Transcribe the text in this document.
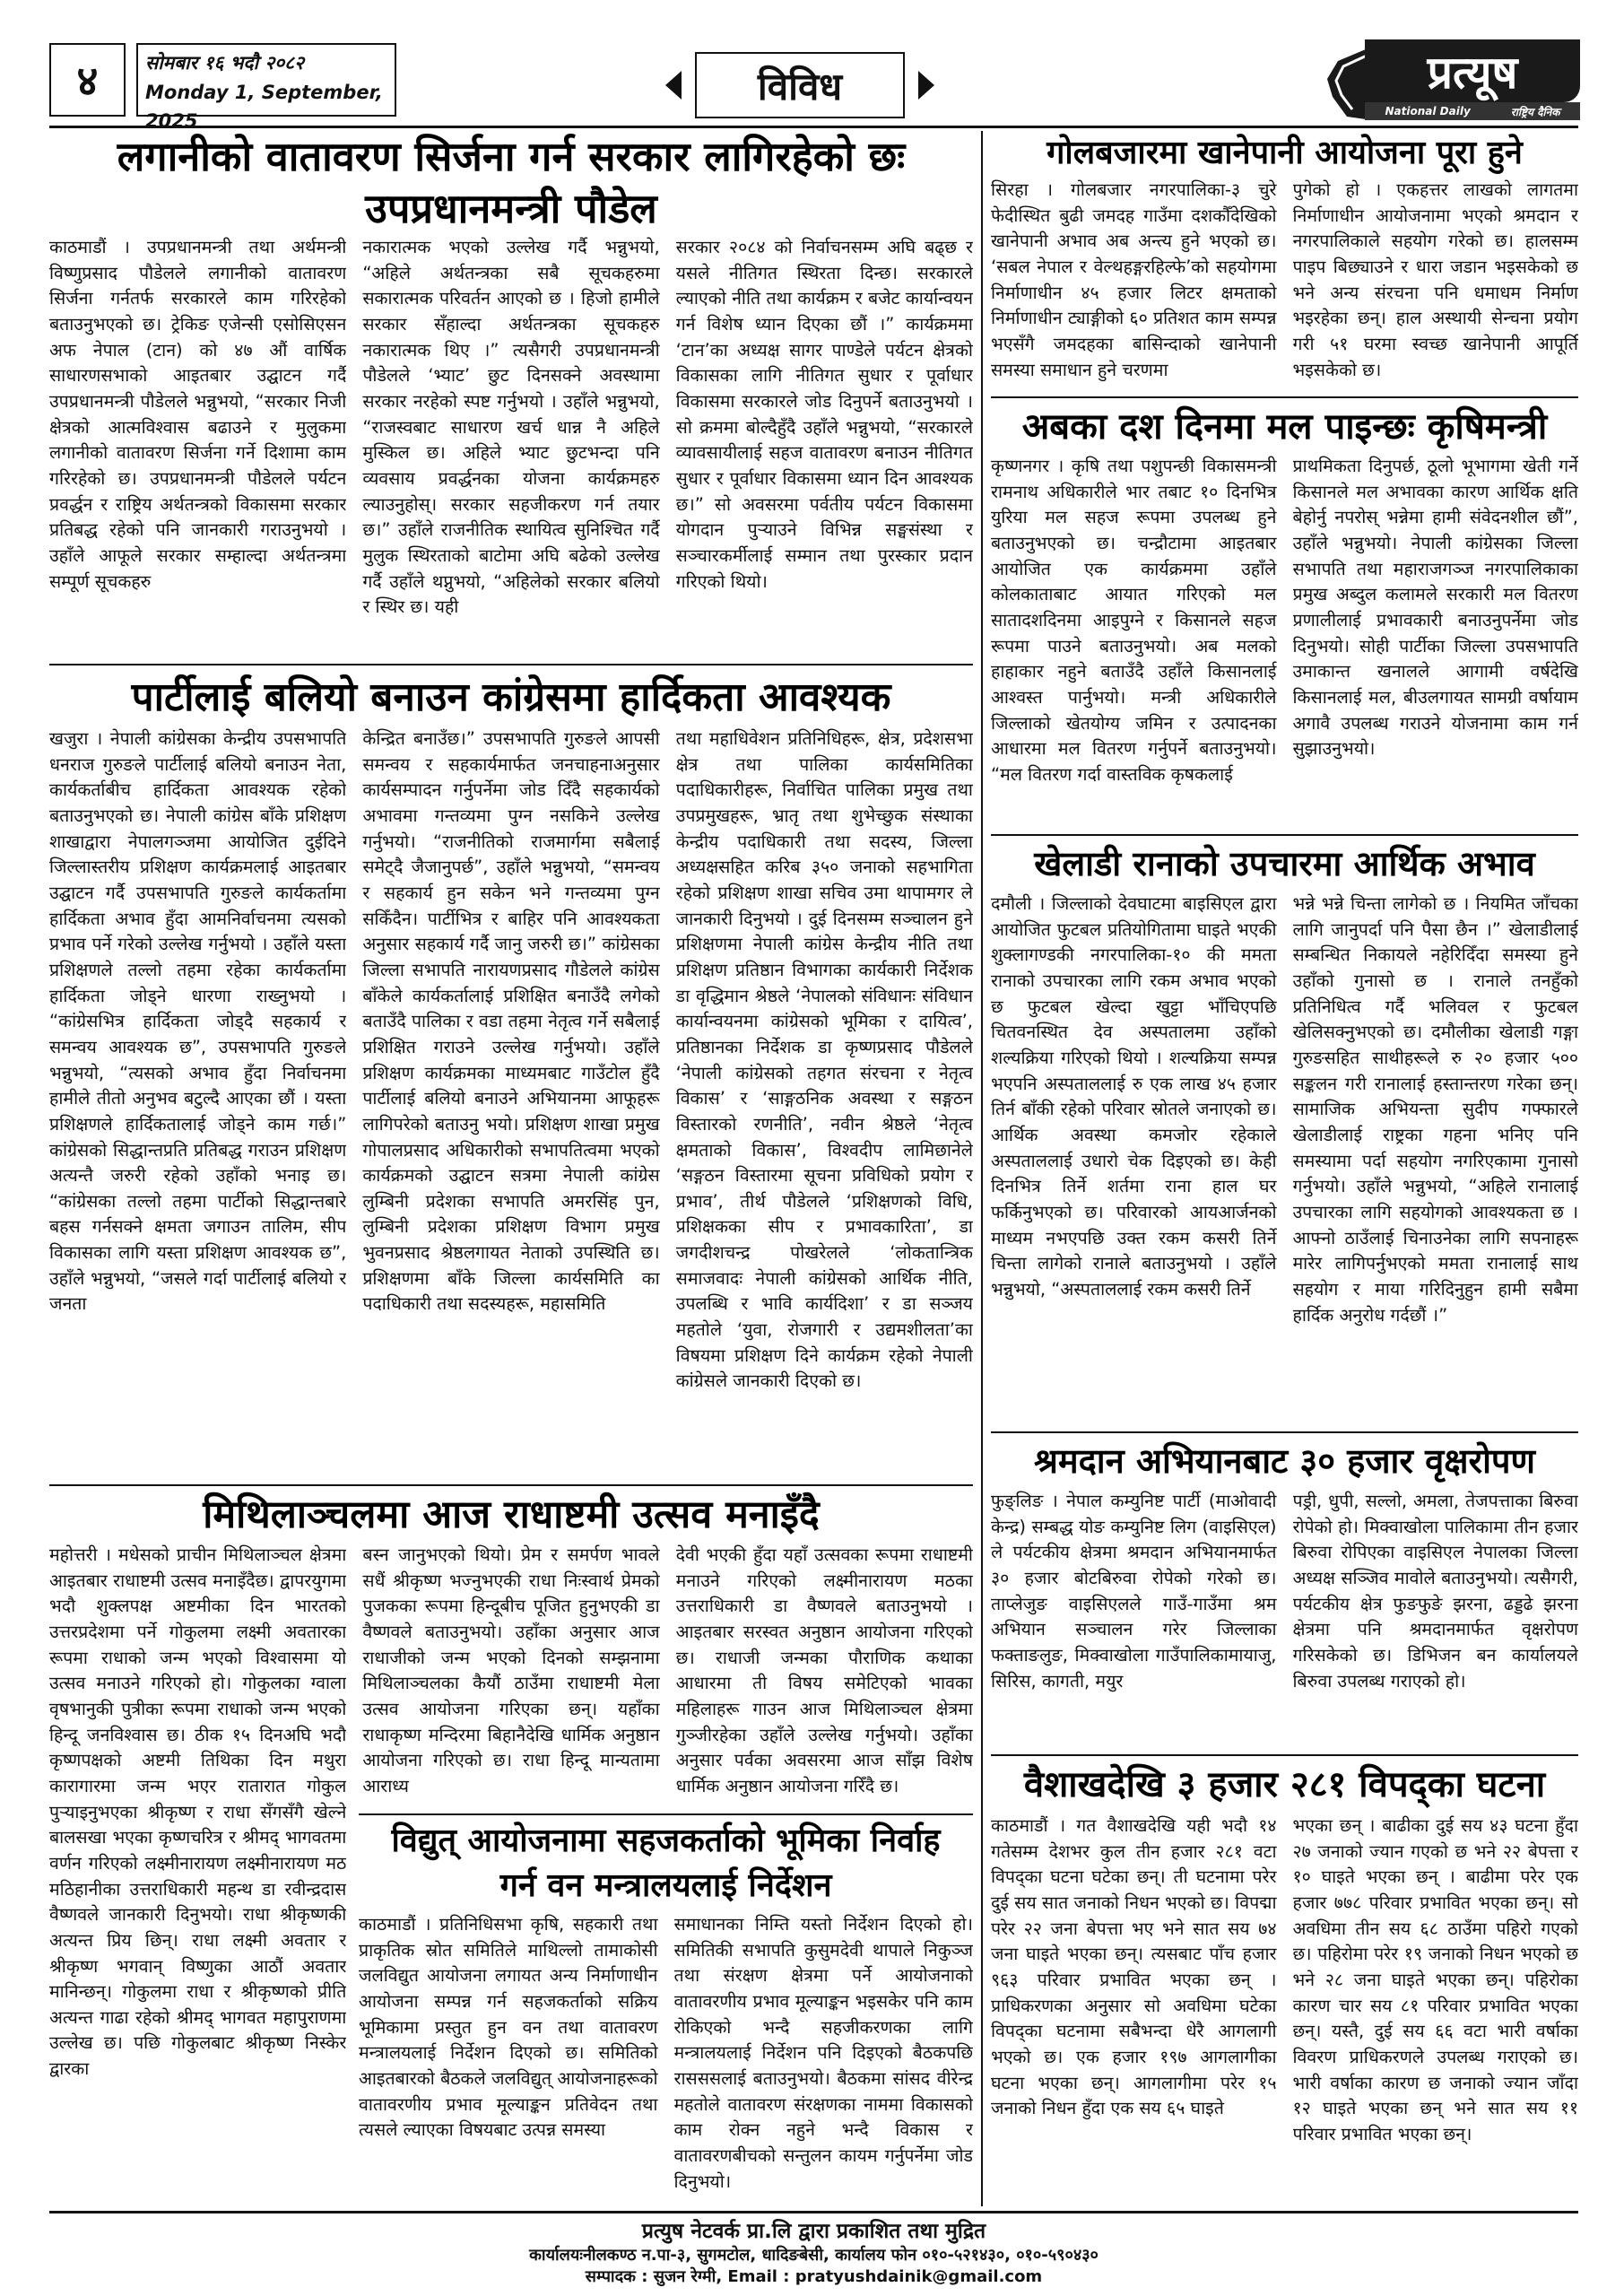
४	सोमबार १६ भदौ २०८२
Monday 1, September, 2025
विविध	प्रत्यूष
National Daily	राष्ट्रिय दैनिक
लगानीको वातावरण सिर्जना गर्न सरकार लागिरहेको छः
उपप्रधानमन्त्री पौडेल
काठमाडौं । उपप्रधानमन्त्री तथा अर्थमन्त्री विष्णुप्रसाद पौडेलले लगानीको वातावरण सिर्जना गर्नतर्फ सरकारले काम गरिरहेको बताउनुभएको छ। ट्रेकिङ एजेन्सी एसोसिएसन अफ नेपाल (टान) को ४७ औं वार्षिक साधारणसभाको आइतबार उद्घाटन गर्दै उपप्रधानमन्त्री पौडेलले भन्नुभयो, “सरकार निजी क्षेत्रको आत्मविश्वास बढाउने र मुलुकमा लगानीको वातावरण सिर्जना गर्ने दिशामा काम गरिरहेको छ। उपप्रधानमन्त्री पौडेलले पर्यटन प्रवर्द्धन र राष्ट्रिय अर्थतन्त्रको विकासमा सरकार प्रतिबद्ध रहेको पनि जानकारी गराउनुभयो । उहाँले आफूले सरकार सम्हाल्दा अर्थतन्त्रमा सम्पूर्ण सूचकहरु
नकारात्मक भएको उल्लेख गर्दै भन्नुभयो, “अहिले अर्थतन्त्रका सबै सूचकहरुमा सकारात्मक परिवर्तन आएको छ । हिजो हामीले सरकार सँहाल्दा अर्थतन्त्रका सूचकहरु नकारात्मक थिए ।” त्यसैगरी उपप्रधानमन्त्री पौडेलले ‘भ्याट’ छुट दिनसक्ने अवस्थामा सरकार नरहेको स्पष्ट गर्नुभयो । उहाँले भन्नुभयो, “राजस्वबाट साधारण खर्च धान्न नै अहिले मुस्किल छ। अहिले भ्याट छुटभन्दा पनि व्यवसाय प्रवर्द्धनका योजना कार्यक्रमहरु ल्याउनुहोस्। सरकार सहजीकरण गर्न तयार छ।” उहाँले राजनीतिक स्थायित्व सुनिश्चित गर्दै मुलुक स्थिरताको बाटोमा अघि बढेको उल्लेख गर्दै उहाँले थप्नुभयो, “अहिलेको सरकार बलियो र स्थिर छ। यही
सरकार २०८४ को निर्वाचनसम्म अघि बढ्छ र यसले नीतिगत स्थिरता दिन्छ। सरकारले ल्याएको नीति तथा कार्यक्रम र बजेट कार्यान्वयन गर्न विशेष ध्यान दिएका छौं ।” कार्यक्रममा ‘टान’का अध्यक्ष सागर पाण्डेले पर्यटन क्षेत्रको विकासका लागि नीतिगत सुधार र पूर्वाधार विकासमा सरकारले जोड दिनुपर्ने बताउनुभयो । सो क्रममा बोल्दैहुँदै उहाँले भन्नुभयो, “सरकारले व्यावसायीलाई सहज वातावरण बनाउन नीतिगत सुधार र पूर्वाधार विकासमा ध्यान दिन आवश्यक छ।” सो अवसरमा पर्वतीय पर्यटन विकासमा योगदान पुऱ्याउने विभिन्न सङ्घसंस्था र सञ्चारकर्मीलाई सम्मान तथा पुरस्कार प्रदान गरिएको थियो।
पार्टीलाई बलियो बनाउन कांग्रेसमा हार्दिकता आवश्यक
खजुरा । नेपाली कांग्रेसका केन्द्रीय उपसभापति धनराज गुरुङले पार्टीलाई बलियो बनाउन नेता, कार्यकर्ताबीच हार्दिकता आवश्यक रहेको बताउनुभएको छ। नेपाली कांग्रेस बाँके प्रशिक्षण शाखाद्वारा नेपालगञ्जमा आयोजित दुईदिने जिल्लास्तरीय प्रशिक्षण कार्यक्रमलाई आइतबार उद्घाटन गर्दै उपसभापति गुरुङले कार्यकर्तामा हार्दिकता अभाव हुँदा आमनिर्वाचनमा त्यसको प्रभाव पर्ने गरेको उल्लेख गर्नुभयो । उहाँले यस्ता प्रशिक्षणले तल्लो तहमा रहेका कार्यकर्तामा हार्दिकता जोड्ने धारणा राख्नुभयो । “कांग्रेसभित्र हार्दिकता जोड्दै सहकार्य र समन्वय आवश्यक छ”, उपसभापति गुरुङले भन्नुभयो, “त्यसको अभाव हुँदा निर्वाचनमा हामीले तीतो अनुभव बटुल्दै आएका छौं । यस्ता प्रशिक्षणले हार्दिकतालाई जोड्ने काम गर्छ।” कांग्रेसको सिद्धान्तप्रति प्रतिबद्ध गराउन प्रशिक्षण अत्यन्तै जरुरी रहेको उहाँको भनाइ छ। “कांग्रेसका तल्लो तहमा पार्टीको सिद्धान्तबारे बहस गर्नसक्ने क्षमता जगाउन तालिम, सीप विकासका लागि यस्ता प्रशिक्षण आवश्यक छ”, उहाँले भन्नुभयो, “जसले गर्दा पार्टीलाई बलियो र जनता
केन्द्रित बनाउँछ।” उपसभापति गुरुङले आपसी समन्वय र सहकार्यमार्फत जनचाहनाअनुसार कार्यसम्पादन गर्नुपर्नेमा जोड दिँदै सहकार्यको अभावमा गन्तव्यमा पुग्न नसकिने उल्लेख गर्नुभयो। “राजनीतिको राजमार्गमा सबैलाई समेट्दै जैजानुपर्छ”, उहाँले भन्नुभयो, “समन्वय र सहकार्य हुन सकेन भने गन्तव्यमा पुग्न सकिँदैन। पार्टीभित्र र बाहिर पनि आवश्यकता अनुसार सहकार्य गर्दै जानु जरुरी छ।” कांग्रेसका जिल्ला सभापति नारायणप्रसाद गौडेलले कांग्रेस बाँकेले कार्यकर्तालाई प्रशिक्षित बनाउँदै लगेको बताउँदै पालिका र वडा तहमा नेतृत्व गर्ने सबैलाई प्रशिक्षित गराउने उल्लेख गर्नुभयो। उहाँले प्रशिक्षण कार्यक्रमका माध्यमबाट गाउँटोल हुँदै पार्टीलाई बलियो बनाउने अभियानमा आफूहरू लागिपरेको बताउनु भयो। प्रशिक्षण शाखा प्रमुख गोपालप्रसाद अधिकारीको सभापतित्वमा भएको कार्यक्रमको उद्घाटन सत्रमा नेपाली कांग्रेस लुम्बिनी प्रदेशका सभापति अमरसिंह पुन, लुम्बिनी प्रदेशका प्रशिक्षण विभाग प्रमुख भुवनप्रसाद श्रेष्ठलगायत नेताको उपस्थिति छ। प्रशिक्षणमा बाँके जिल्ला कार्यसमिति का पदाधिकारी तथा सदस्यहरू, महासमिति
तथा महाधिवेशन प्रतिनिधिहरू, क्षेत्र, प्रदेशसभा क्षेत्र तथा पालिका कार्यसमितिका पदाधिकारीहरू, निर्वाचित पालिका प्रमुख तथा उपप्रमुखहरू, भ्रातृ तथा शुभेच्छुक संस्थाका केन्द्रीय पदाधिकारी तथा सदस्य, जिल्ला अध्यक्षसहित करिब ३५० जनाको सहभागिता रहेको प्रशिक्षण शाखा सचिव उमा थापामगर ले जानकारी दिनुभयो । दुई दिनसम्म सञ्चालन हुने प्रशिक्षणमा नेपाली कांग्रेस केन्द्रीय नीति तथा प्रशिक्षण प्रतिष्ठान विभागका कार्यकारी निर्देशक डा वृद्धिमान श्रेष्ठले ‘नेपालको संविधानः संविधान कार्यान्वयनमा कांग्रेसको भूमिका र दायित्व’, प्रतिष्ठानका निर्देशक डा कृष्णप्रसाद पौडेलले ‘नेपाली कांग्रेसको तहगत संरचना र नेतृत्व विकास’ र ‘साङ्गठनिक अवस्था र सङ्गठन विस्तारको रणनीति’, नवीन श्रेष्ठले ‘नेतृत्व क्षमताको विकास’, विश्वदीप लामिछानेले ‘सङ्गठन विस्तारमा सूचना प्रविधिको प्रयोग र प्रभाव’, तीर्थ पौडेलले ‘प्रशिक्षणको विधि, प्रशिक्षकका सीप र प्रभावकारिता’, डा जगदीशचन्द्र पोखरेलले ‘लोकतान्त्रिक समाजवादः नेपाली कांग्रेसको आर्थिक नीति, उपलब्धि र भावि कार्यदिशा’ र डा सञ्जय महतोले ‘युवा, रोजगारी र उद्यमशीलता’का विषयमा प्रशिक्षण दिने कार्यक्रम रहेको नेपाली कांग्रेसले जानकारी दिएको छ।
मिथिलाञ्चलमा आज राधाष्टमी उत्सव मनाइँदै
महोत्तरी । मधेसको प्राचीन मिथिलाञ्चल क्षेत्रमा आइतबार राधाष्टमी उत्सव मनाइँदैछ। द्वापरयुगमा भदौ शुक्लपक्ष अष्टमीका दिन भारतको उत्तरप्रदेशमा पर्ने गोकुलमा लक्ष्मी अवतारका रूपमा राधाको जन्म भएको विश्वासमा यो उत्सव मनाउने गरिएको हो। गोकुलका ग्वाला वृषभानुकी पुत्रीका रूपमा राधाको जन्म भएको हिन्दू जनविश्वास छ। ठीक १५ दिनअघि भदौ कृष्णपक्षको अष्टमी तिथिका दिन मथुरा कारागारमा जन्म भएर रातारात गोकुल पुऱ्याइनुभएका श्रीकृष्ण र राधा सँगसँगै खेल्ने बालसखा भएका कृष्णचरित्र र श्रीमद् भागवतमा वर्णन गरिएको लक्ष्मीनारायण लक्ष्मीनारायण मठ मठिहानीका उत्तराधिकारी महन्थ डा रवीन्द्रदास वैष्णवले जानकारी दिनुभयो। राधा श्रीकृष्णकी अत्यन्त प्रिय छिन्। राधा लक्ष्मी अवतार र श्रीकृष्ण भगवान् विष्णुका आठौं अवतार मानिन्छन्। गोकुलमा राधा र श्रीकृष्णको प्रीति अत्यन्त गाढा रहेको श्रीमद् भागवत महापुराणमा उल्लेख छ। पछि गोकुलबाट श्रीकृष्ण निस्केर द्वारका
बस्न जानुभएको थियो। प्रेम र समर्पण भावले सधैं श्रीकृष्ण भज्नुभएकी राधा निःस्वार्थ प्रेमको पुजकका रूपमा हिन्दूबीच पूजित हुनुभएकी डा वैष्णवले बताउनुभयो। उहाँका अनुसार आज राधाजीको जन्म भएको दिनको सम्झनामा मिथिलाञ्चलका कैयौं ठाउँमा राधाष्टमी मेला उत्सव आयोजना गरिएका छन्। यहाँका राधाकृष्ण मन्दिरमा बिहानैदेखि धार्मिक अनुष्ठान आयोजना गरिएको छ। राधा हिन्दू मान्यतामा आराध्य
देवी भएकी हुँदा यहाँ उत्सवका रूपमा राधाष्टमी मनाउने गरिएको लक्ष्मीनारायण मठका उत्तराधिकारी डा वैष्णवले बताउनुभयो । आइतबार सरस्वत अनुष्ठान आयोजना गरिएको छ। राधाजी जन्मका पौराणिक कथाका आधारमा ती विषय समेटिएको भावका महिलाहरू गाउन आज मिथिलाञ्चल क्षेत्रमा गुञ्जीरहेका उहाँले उल्लेख गर्नुभयो। उहाँका अनुसार पर्वका अवसरमा आज साँझ विशेष धार्मिक अनुष्ठान आयोजना गरिँदै छ।
विद्युत् आयोजनामा सहजकर्ताको भूमिका निर्वाह
गर्न वन मन्त्रालयलाई निर्देशन
काठमाडौं । प्रतिनिधिसभा कृषि, सहकारी तथा प्राकृतिक स्रोत समितिले माथिल्लो तामाकोसी जलविद्युत आयोजना लगायत अन्य निर्माणाधीन आयोजना सम्पन्न गर्न सहजकर्ताको सक्रिय भूमिकामा प्रस्तुत हुन वन तथा वातावरण मन्त्रालयलाई निर्देशन दिएको छ। समितिको आइतबारको बैठकले जलविद्युत् आयोजनाहरूको वातावरणीय प्रभाव मूल्याङ्कन प्रतिवेदन तथा त्यसले ल्याएका विषयबाट उत्पन्न समस्या
समाधानका निम्ति यस्तो निर्देशन दिएको हो। समितिकी सभापति कुसुमदेवी थापाले निकुञ्ज तथा संरक्षण क्षेत्रमा पर्ने आयोजनाको वातावरणीय प्रभाव मूल्याङ्कन भइसकेर पनि काम रोकिएको भन्दै सहजीकरणका लागि मन्त्रालयलाई निर्देशन पनि दिइएको बैठकपछि रासससलाई बताउनुभयो। बैठकमा सांसद वीरेन्द्र महतोले वातावरण संरक्षणका नाममा विकासको काम रोक्न नहुने भन्दै विकास र वातावरणबीचको सन्तुलन कायम गर्नुपर्नेमा जोड दिनुभयो।
गोलबजारमा खानेपानी आयोजना पूरा हुने
सिरहा । गोलबजार नगरपालिका-३ चुरे फेदीस्थित बुढी जमदह गाउँमा दशकौँदेखिको खानेपानी अभाव अब अन्त्य हुने भएको छ। ‘सबल नेपाल र वेल्थहङ्गरहिल्फे’को सहयोगमा निर्माणाधीन ४५ हजार लिटर क्षमताको निर्माणाधीन ट्याङ्गीको ६० प्रतिशत काम सम्पन्न भएसँगै जमदहका बासिन्दाको खानेपानी समस्या समाधान हुने चरणमा
पुगेको हो । एकहत्तर लाखको लागतमा निर्माणाधीन आयोजनामा भएको श्रमदान र नगरपालिकाले सहयोग गरेको छ। हालसम्म पाइप बिछ्याउने र धारा जडान भइसकेको छ भने अन्य संरचना पनि धमाधम निर्माण भइरहेका छन्। हाल अस्थायी सेन्चना प्रयोग गरी ५१ घरमा स्वच्छ खानेपानी आपूर्ति भइसकेको छ।
अबका दश दिनमा मल पाइन्छः कृषिमन्त्री
कृष्णनगर । कृषि तथा पशुपन्छी विकासमन्त्री रामनाथ अधिकारीले भार तबाट १० दिनभित्र युरिया मल सहज रूपमा उपलब्ध हुने बताउनुभएको छ। चन्द्रौटामा आइतबार आयोजित एक कार्यक्रममा उहाँले कोलकाताबाट आयात गरिएको मल सातादशदिनमा आइपुग्ने र किसानले सहज रूपमा पाउने बताउनुभयो। अब मलको हाहाकार नहुने बताउँदै उहाँले किसानलाई आश्वस्त पार्नुभयो। मन्त्री अधिकारीले जिल्लाको खेतयोग्य जमिन र उत्पादनका आधारमा मल वितरण गर्नुपर्ने बताउनुभयो। “मल वितरण गर्दा वास्तविक कृषकलाई
प्राथमिकता दिनुपर्छ, ठूलो भूभागमा खेती गर्ने किसानले मल अभावका कारण आर्थिक क्षति बेहोर्नु नपरोस् भन्नेमा हामी संवेदनशील छौं”, उहाँले भन्नुभयो। नेपाली कांग्रेसका जिल्ला सभापति तथा महाराजगञ्ज नगरपालिकाका प्रमुख अब्दुल कलामले सरकारी मल वितरण प्रणालीलाई प्रभावकारी बनाउनुपर्नेमा जोड दिनुभयो। सोही पार्टीका जिल्ला उपसभापति उमाकान्त खनालले आगामी वर्षदेखि किसानलाई मल, बीउलगायत सामग्री वर्षायाम अगावै उपलब्ध गराउने योजनामा काम गर्न सुझाउनुभयो।
खेलाडी रानाको उपचारमा आर्थिक अभाव
दमौली । जिल्लाको देवघाटमा बाइसिएल द्वारा आयोजित फुटबल प्रतियोगितामा घाइते भएकी शुक्लागण्डकी नगरपालिका-१० की ममता रानाको उपचारका लागि रकम अभाव भएको छ फुटबल खेल्दा खुट्टा भाँचिएपछि चितवनस्थित देव अस्पतालमा उहाँको शल्यक्रिया गरिएको थियो । शल्यक्रिया सम्पन्न भएपनि अस्पताललाई रु एक लाख ४५ हजार तिर्न बाँकी रहेको परिवार स्रोतले जनाएको छ। आर्थिक अवस्था कमजोर रहेकाले अस्पताललाई उधारो चेक दिइएको छ। केही दिनभित्र तिर्ने शर्तमा राना हाल घर फर्किनुभएको छ। परिवारको आयआर्जनको माध्यम नभएपछि उक्त रकम कसरी तिर्ने चिन्ता लागेको रानाले बताउनुभयो । उहाँले भन्नुभयो, “अस्पताललाई रकम कसरी तिर्ने
भन्ने भन्ने चिन्ता लागेको छ । नियमित जाँचका लागि जानुपर्दा पनि पैसा छैन ।” खेलाडीलाई सम्बन्धित निकायले नहेरिदिँदा समस्या हुने उहाँको गुनासो छ । रानाले तनहुँको प्रतिनिधित्व गर्दै भलिवल र फुटबल खेलिसक्नुभएको छ। दमौलीका खेलाडी गङ्गा गुरुङसहित साथीहरूले रु २० हजार ५०० सङ्कलन गरी रानालाई हस्तान्तरण गरेका छन्। सामाजिक अभियन्ता सुदीप गफ्फारले खेलाडीलाई राष्ट्रका गहना भनिए पनि समस्यामा पर्दा सहयोग नगरिएकामा गुनासो गर्नुभयो। उहाँले भन्नुभयो, “अहिले रानालाई उपचारका लागि सहयोगको आवश्यकता छ । आफ्नो ठाउँलाई चिनाउनेका लागि सपनाहरू मारेर लागिपर्नुभएको ममता रानालाई साथ सहयोग र माया गरिदिनुहुन हामी सबैमा हार्दिक अनुरोध गर्दछौं ।”
श्रमदान अभियानबाट ३० हजार वृक्षरोपण
फुङ्लिङ । नेपाल कम्युनिष्ट पार्टी (माओवादी केन्द्र) सम्बद्ध योङ कम्युनिष्ट लिग (वाइसिएल) ले पर्यटकीय क्षेत्रमा श्रमदान अभियानमार्फत ३० हजार बोटबिरुवा रोपेको गरेको छ। ताप्लेजुङ वाइसिएलले गाउँ-गाउँमा श्रम अभियान सञ्चालन गरेर जिल्लाका फक्ताङलुङ, मिक्वाखोला गाउँपालिकामायाजु, सिरिस, कागती, मयुर
पड्री, धुपी, सल्लो, अमला, तेजपत्ताका बिरुवा रोपेको हो। मिक्वाखोला पालिकामा तीन हजार बिरुवा रोपिएका वाइसिएल नेपालका जिल्ला अध्यक्ष सञ्जिव मावोले बताउनुभयो। त्यसैगरी, पर्यटकीय क्षेत्र फुङफुङे झरना, ढड्डढे झरना क्षेत्रमा पनि श्रमदानमार्फत वृक्षरोपण गरिसकेको छ। डिभिजन बन कार्यालयले बिरुवा उपलब्ध गराएको हो।
वैशाखदेखि ३ हजार २८१ विपद्का घटना
काठमाडौं । गत वैशाखदेखि यही भदौ १४ गतेसम्म देशभर कुल तीन हजार २८१ वटा विपद्का घटना घटेका छन्। ती घटनामा परेर दुई सय सात जनाको निधन भएको छ। विपद्मा परेर २२ जना बेपत्ता भए भने सात सय ७४ जना घाइते भएका छन्। त्यसबाट पाँच हजार ९६३ परिवार प्रभावित भएका छन् । प्राधिकरणका अनुसार सो अवधिमा घटेका विपद्का घटनामा सबैभन्दा धेरै आगलागी भएको छ। एक हजार १९७ आगलागीका घटना भएका छन्। आगलागीमा परेर १५ जनाको निधन हुँदा एक सय ६५ घाइते
भएका छन् । बाढीका दुई सय ४३ घटना हुँदा २७ जनाको ज्यान गएको छ भने २२ बेपत्ता र १० घाइते भएका छन् । बाढीमा परेर एक हजार ७७८ परिवार प्रभावित भएका छन्। सो अवधिमा तीन सय ६८ ठाउँमा पहिरो गएको छ। पहिरोमा परेर १९ जनाको निधन भएको छ भने २८ जना घाइते भएका छन्। पहिरोका कारण चार सय ८१ परिवार प्रभावित भएका छन्। यस्तै, दुई सय ६६ वटा भारी वर्षाका विवरण प्राधिकरणले उपलब्ध गराएको छ। भारी वर्षाका कारण छ जनाको ज्यान जाँदा १२ घाइते भएका छन् भने सात सय ११ परिवार प्रभावित भएका छन्।
प्रत्युष नेटवर्क प्रा.लि द्वारा प्रकाशित तथा मुद्रित
कार्यालयःनीलकण्ठ न.पा-३, सुगमटोल, धादिङबेसी, कार्यालय फोन ०१०-५२१४३०, ०१०-५९०४३०
सम्पादक : सुजन रेग्मी, Email : pratyushdainik@gmail.com
